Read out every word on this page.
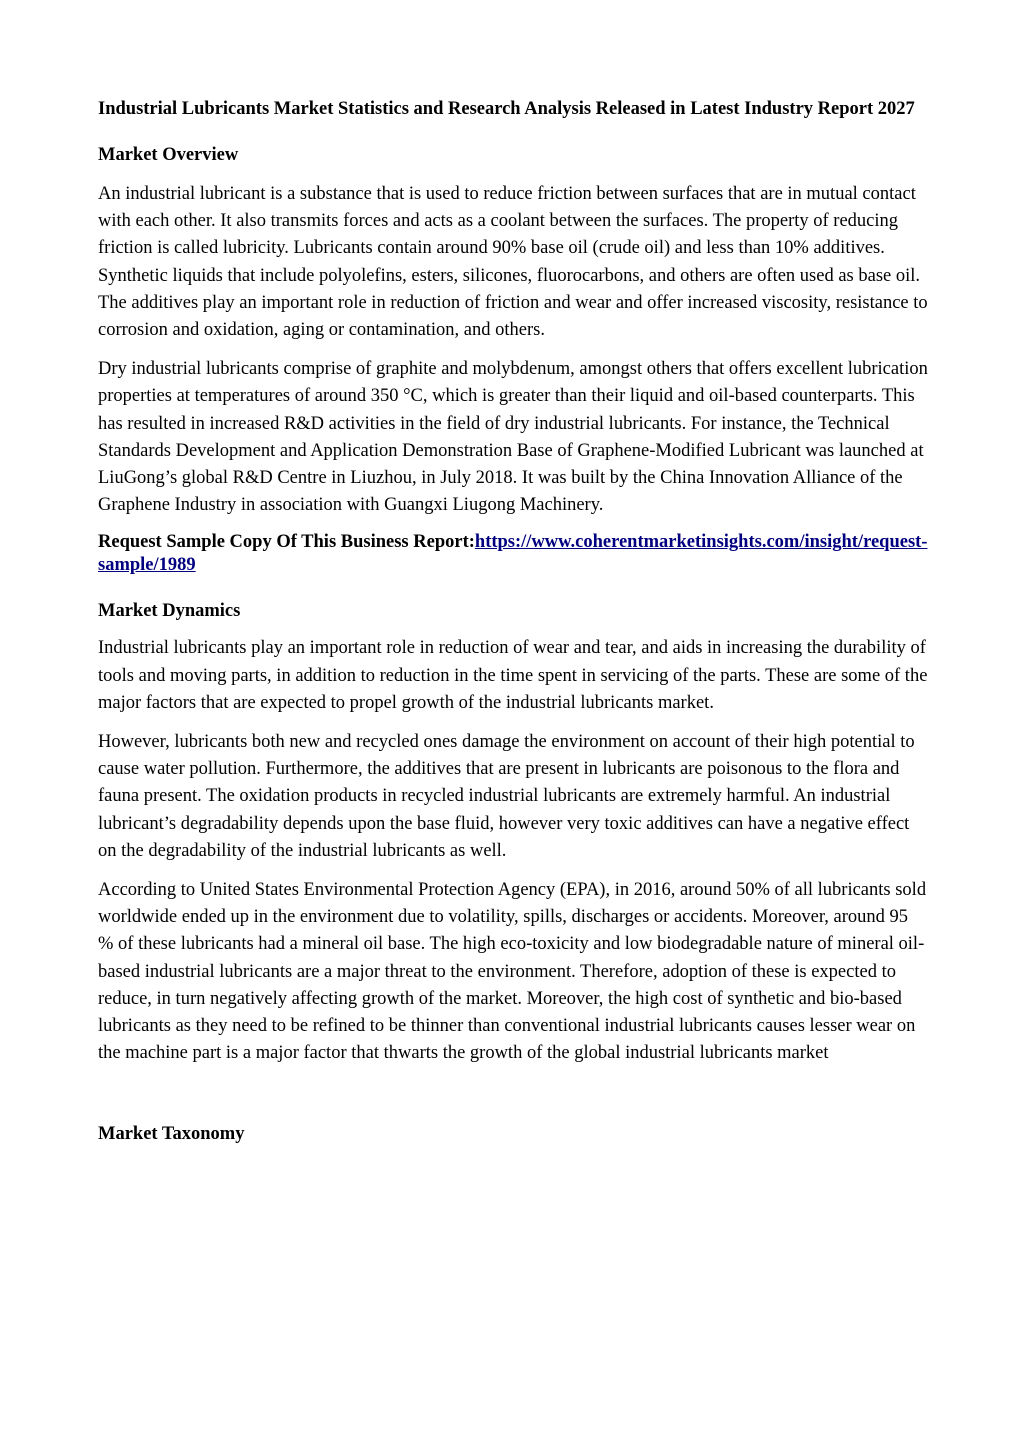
Industrial Lubricants Market Statistics and Research Analysis Released in Latest Industry Report 2027

Market Overview

An industrial lubricant is a substance that is used to reduce friction between surfaces that are in mutual contact with each other. It also transmits forces and acts as a coolant between the surfaces. The property of reducing friction is called lubricity. Lubricants contain around 90% base oil (crude oil) and less than 10% additives. Synthetic liquids that include polyolefins, esters, silicones, fluorocarbons, and others are often used as base oil. The additives play an important role in reduction of friction and wear and offer increased viscosity, resistance to corrosion and oxidation, aging or contamination, and others.

Dry industrial lubricants comprise of graphite and molybdenum, amongst others that offers excellent lubrication properties at temperatures of around 350 °C, which is greater than their liquid and oil-based counterparts. This has resulted in increased R&D activities in the field of dry industrial lubricants. For instance, the Technical Standards Development and Application Demonstration Base of Graphene-Modified Lubricant was launched at LiuGong’s global R&D Centre in Liuzhou, in July 2018. It was built by the China Innovation Alliance of the Graphene Industry in association with Guangxi Liugong Machinery.

Request Sample Copy Of This Business Report:https://www.coherentmarketinsights.com/insight/request-sample/1989

Market Dynamics

Industrial lubricants play an important role in reduction of wear and tear, and aids in increasing the durability of tools and moving parts, in addition to reduction in the time spent in servicing of the parts. These are some of the major factors that are expected to propel growth of the industrial lubricants market.

However, lubricants both new and recycled ones damage the environment on account of their high potential to cause water pollution. Furthermore, the additives that are present in lubricants are poisonous to the flora and fauna present. The oxidation products in recycled industrial lubricants are extremely harmful. An industrial lubricant’s degradability depends upon the base fluid, however very toxic additives can have a negative effect on the degradability of the industrial lubricants as well.

According to United States Environmental Protection Agency (EPA), in 2016, around 50% of all lubricants sold worldwide ended up in the environment due to volatility, spills, discharges or accidents. Moreover, around 95 % of these lubricants had a mineral oil base. The high eco-toxicity and low biodegradable nature of mineral oil-based industrial lubricants are a major threat to the environment. Therefore, adoption of these is expected to reduce, in turn negatively affecting growth of the market. Moreover, the high cost of synthetic and bio-based lubricants as they need to be refined to be thinner than conventional industrial lubricants causes lesser wear on the machine part is a major factor that thwarts the growth of the global industrial lubricants market

Market Taxonomy
